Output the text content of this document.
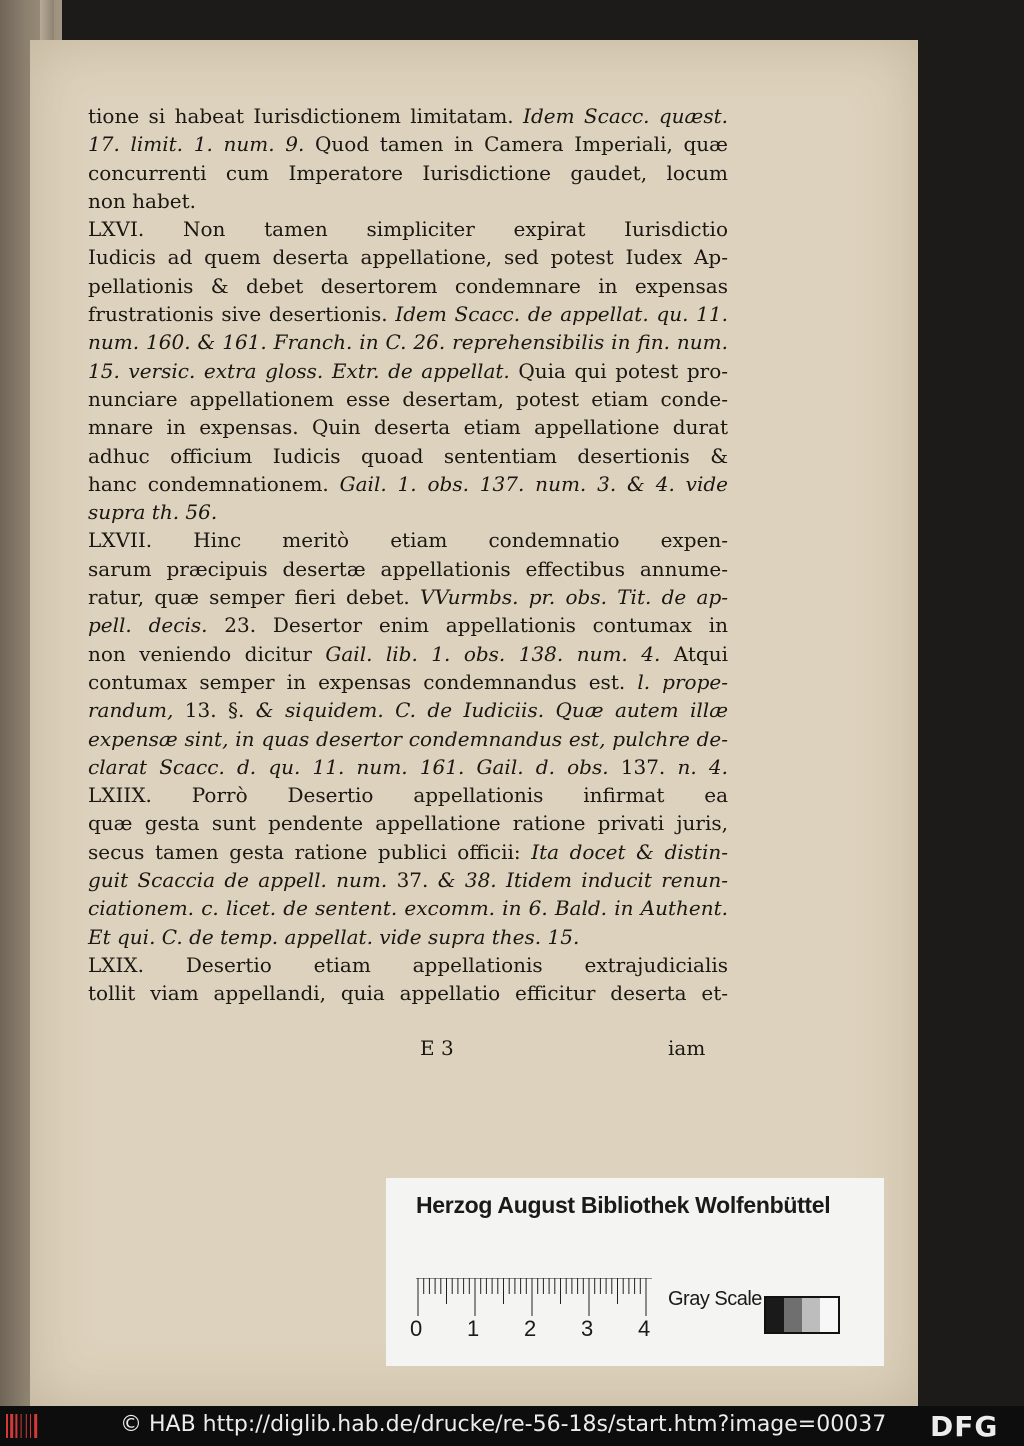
tione si habeat Iurisdictionem limitatam. Idem Scacc. quæst.
17. limit. 1. num. 9. Quod tamen in Camera Imperiali, quæ
concurrenti cum Imperatore Iurisdictione gaudet, locum
non habet.
LXVI. Non tamen simpliciter expirat Iurisdictio
Iudicis ad quem deserta appellatione, sed potest Iudex Ap-
pellationis & debet desertorem condemnare in expensas
frustrationis sive desertionis. Idem Scacc. de appellat. qu. 11.
num. 160. & 161. Franch. in C. 26. reprehensibilis in fin. num.
15. versic. extra gloss. Extr. de appellat. Quia qui potest pro-
nunciare appellationem esse desertam, potest etiam conde-
mnare in expensas. Quin deserta etiam appellatione durat
adhuc officium Iudicis quoad sententiam desertionis &
hanc condemnationem. Gail. 1. obs. 137. num. 3. & 4. vide
supra th. 56.
LXVII. Hinc meritò etiam condemnatio expen-
sarum præcipuis desertæ appellationis effectibus annume-
ratur, quæ semper fieri debet. VVurmbs. pr. obs. Tit. de ap-
pell. decis. 23. Desertor enim appellationis contumax in
non veniendo dicitur Gail. lib. 1. obs. 138. num. 4. Atqui
contumax semper in expensas condemnandus est. l. prope-
randum, 13. §. & siquidem. C. de Iudiciis. Quæ autem illæ
expensæ sint, in quas desertor condemnandus est, pulchre de-
clarat Scacc. d. qu. 11. num. 161. Gail. d. obs. 137. n. 4.
LXIIX. Porrò Desertio appellationis infirmat ea
quæ gesta sunt pendente appellatione ratione privati juris,
secus tamen gesta ratione publici officii: Ita docet & distin-
guit Scaccia de appell. num. 37. & 38. Itidem inducit renun-
ciationem. c. licet. de sentent. excomm. in 6. Bald. in Authent.
Et qui. C. de temp. appellat. vide supra thes. 15.
LXIX. Desertio etiam appellationis extrajudicialis
tollit viam appellandi, quia appellatio efficitur deserta et-
E 3	iam
Herzog August Bibliothek Wolfenbüttel
0 1 2 3 4
Gray Scale
© HAB http://diglib.hab.de/drucke/re-56-18s/start.htm?image=00037 DFG
